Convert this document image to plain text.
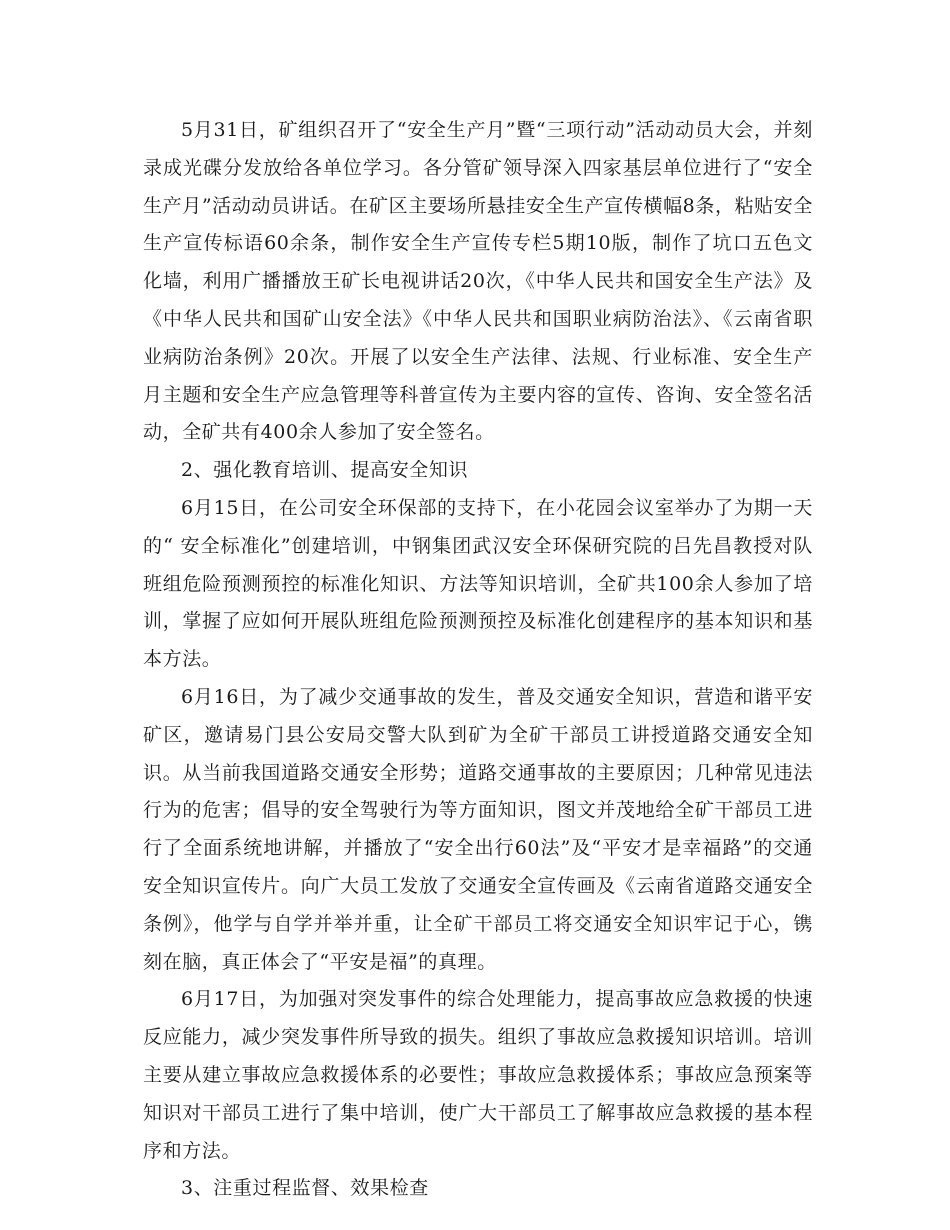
5月31日，矿组织召开了“安全生产月”暨“三项行动”活动动员大会，并刻录成光碟分发放给各单位学习。各分管矿领导深入四家基层单位进行了“安全生产月”活动动员讲话。在矿区主要场所悬挂安全生产宣传横幅8条，粘贴安全生产宣传标语60余条，制作安全生产宣传专栏5期10版，制作了坑口五色文化墙，利用广播播放王矿长电视讲话20次，《中华人民共和国安全生产法》及《中华人民共和国矿山安全法》《中华人民共和国职业病防治法》、《云南省职业病防治条例》20次。开展了以安全生产法律、法规、行业标准、安全生产月主题和安全生产应急管理等科普宣传为主要内容的宣传、咨询、安全签名活动，全矿共有400余人参加了安全签名。

2、强化教育培训、提高安全知识

6月15日，在公司安全环保部的支持下，在小花园会议室举办了为期一天的“ 安全标准化”创建培训，中钢集团武汉安全环保研究院的吕先昌教授对队班组危险预测预控的标准化知识、方法等知识培训，全矿共100余人参加了培训，掌握了应如何开展队班组危险预测预控及标准化创建程序的基本知识和基本方法。

6月16日，为了减少交通事故的发生，普及交通安全知识，营造和谐平安矿区，邀请易门县公安局交警大队到矿为全矿干部员工讲授道路交通安全知识。从当前我国道路交通安全形势；道路交通事故的主要原因；几种常见违法行为的危害；倡导的安全驾驶行为等方面知识，图文并茂地给全矿干部员工进行了全面系统地讲解，并播放了“安全出行60法”及“平安才是幸福路”的交通安全知识宣传片。向广大员工发放了交通安全宣传画及《云南省道路交通安全条例》，他学与自学并举并重，让全矿干部员工将交通安全知识牢记于心，镌刻在脑，真正体会了“平安是福”的真理。

6月17日，为加强对突发事件的综合处理能力，提高事故应急救援的快速反应能力，减少突发事件所导致的损失。组织了事故应急救援知识培训。培训主要从建立事故应急救援体系的必要性；事故应急救援体系；事故应急预案等知识对干部员工进行了集中培训，使广大干部员工了解事故应急救援的基本程序和方法。

3、注重过程监督、效果检查
